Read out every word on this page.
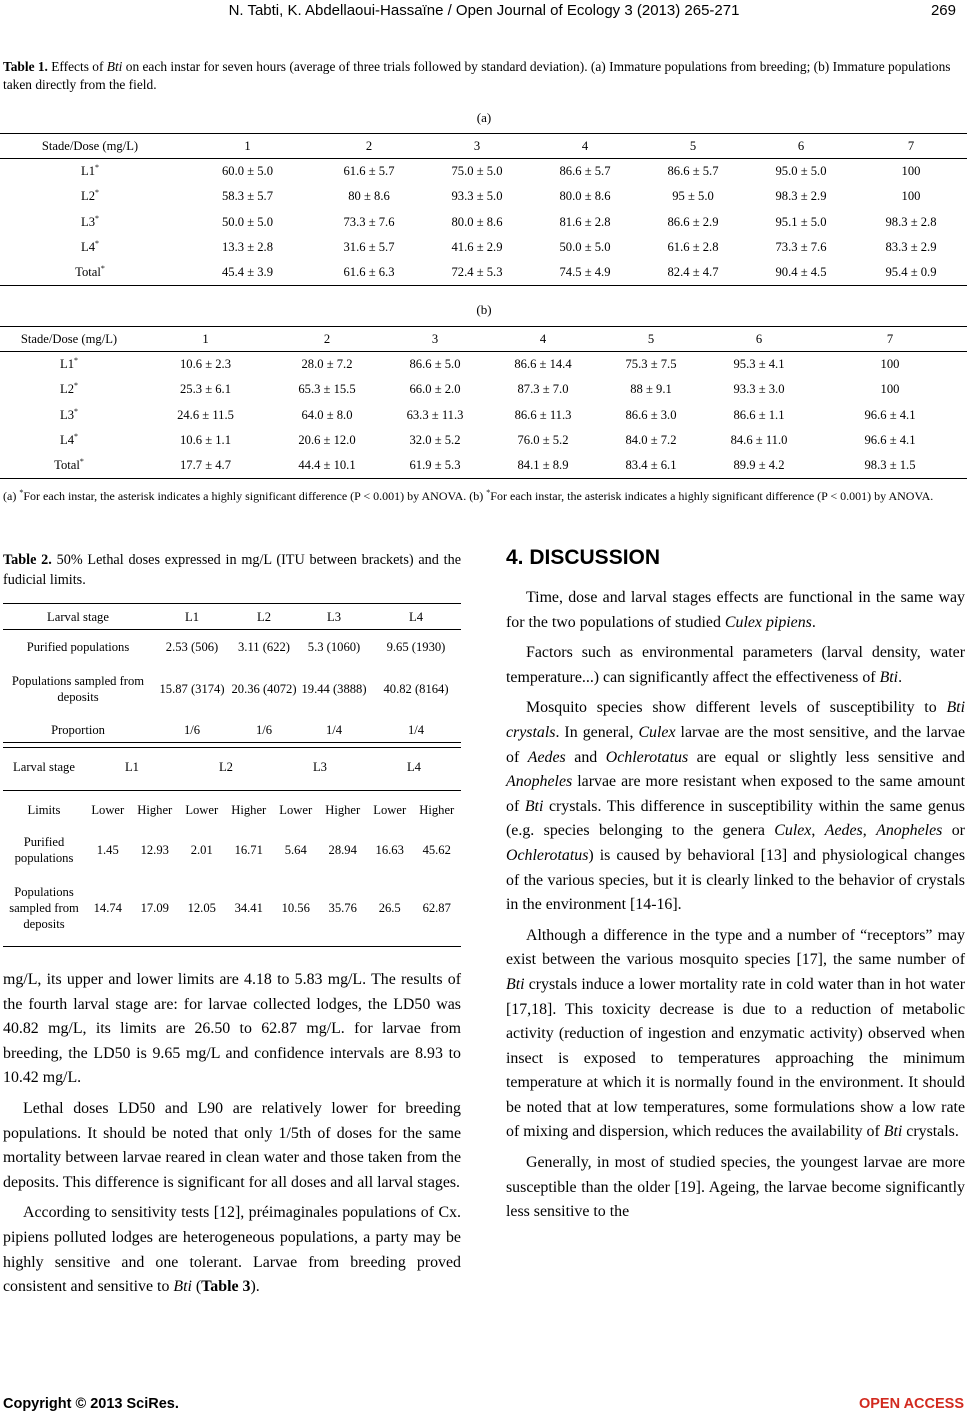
N. Tabti, K. Abdellaoui-Hassaïne / Open Journal of Ecology 3 (2013) 265-271	269
Table 1. Effects of Bti on each instar for seven hours (average of three trials followed by standard deviation). (a) Immature populations from breeding; (b) Immature populations taken directly from the field.
(a)
Stade/Dose (mg/L)	1	2	3	4	5	6	7
L1*	60.0 ± 5.0	61.6 ± 5.7	75.0 ± 5.0	86.6 ± 5.7	86.6 ± 5.7	95.0 ± 5.0	100
L2*	58.3 ± 5.7	80 ± 8.6	93.3 ± 5.0	80.0 ± 8.6	95 ± 5.0	98.3 ± 2.9	100
L3*	50.0 ± 5.0	73.3 ± 7.6	80.0 ± 8.6	81.6 ± 2.8	86.6 ± 2.9	95.1 ± 5.0	98.3 ± 2.8
L4*	13.3 ± 2.8	31.6 ± 5.7	41.6 ± 2.9	50.0 ± 5.0	61.6 ± 2.8	73.3 ± 7.6	83.3 ± 2.9
Total*	45.4 ± 3.9	61.6 ± 6.3	72.4 ± 5.3	74.5 ± 4.9	82.4 ± 4.7	90.4 ± 4.5	95.4 ± 0.9
(b)
Stade/Dose (mg/L)	1	2	3	4	5	6	7
L1*	10.6 ± 2.3	28.0 ± 7.2	86.6 ± 5.0	86.6 ± 14.4	75.3 ± 7.5	95.3 ± 4.1	100
L2*	25.3 ± 6.1	65.3 ± 15.5	66.0 ± 2.0	87.3 ± 7.0	88 ± 9.1	93.3 ± 3.0	100
L3*	24.6 ± 11.5	64.0 ± 8.0	63.3 ± 11.3	86.6 ± 11.3	86.6 ± 3.0	86.6 ± 1.1	96.6 ± 4.1
L4*	10.6 ± 1.1	20.6 ± 12.0	32.0 ± 5.2	76.0 ± 5.2	84.0 ± 7.2	84.6 ± 11.0	96.6 ± 4.1
Total*	17.7 ± 4.7	44.4 ± 10.1	61.9 ± 5.3	84.1 ± 8.9	83.4 ± 6.1	89.9 ± 4.2	98.3 ± 1.5
(a) *For each instar, the asterisk indicates a highly significant difference (P < 0.001) by ANOVA. (b) *For each instar, the asterisk indicates a highly significant difference (P < 0.001) by ANOVA.
Table 2. 50% Lethal doses expressed in mg/L (ITU between brackets) and the fudicial limits.
Larval stage	L1	L2	L3	L4
Purified populations	2.53 (506)	3.11 (622)	5.3 (1060)	9.65 (1930)
Populations sampled from deposits	15.87 (3174)	20.36 (4072)	19.44 (3888)	40.82 (8164)
Proportion	1/6	1/6	1/4	1/4
Larval stage	L1		L2		L3		L4	
Limits	Lower	Higher	Lower	Higher	Lower	Higher	Lower	Higher
Purified populations	1.45	12.93	2.01	16.71	5.64	28.94	16.63	45.62
Populations sampled from deposits	14.74	17.09	12.05	34.41	10.56	35.76	26.5	62.87

mg/L, its upper and lower limits are 4.18 to 5.83 mg/L. The results of the fourth larval stage are: for larvae collected lodges, the LD50 was 40.82 mg/L, its limits are 26.50 to 62.87 mg/L. for larvae from breeding, the LD50 is 9.65 mg/L and confidence intervals are 8.93 to 10.42 mg/L.

Lethal doses LD50 and L90 are relatively lower for breeding populations. It should be noted that only 1/5th of doses for the same mortality between larvae reared in clean water and those taken from the deposits. This difference is significant for all doses and all larval stages.

According to sensitivity tests [12], préimaginales populations of Cx. pipiens polluted lodges are heterogeneous populations, a party may be highly sensitive and one tolerant. Larvae from breeding proved consistent and sensitive to Bti (Table 3).

4. DISCUSSION

Time, dose and larval stages effects are functional in the same way for the two populations of studied Culex pipiens.

Factors such as environmental parameters (larval density, water temperature...) can significantly affect the effectiveness of Bti.

Mosquito species show different levels of susceptibility to Bti crystals. In general, Culex larvae are the most sensitive, and the larvae of Aedes and Ochlerotatus are equal or slightly less sensitive and Anopheles larvae are more resistant when exposed to the same amount of Bti crystals. This difference in susceptibility within the same genus (e.g. species belonging to the genera Culex, Aedes, Anopheles or Ochlerotatus) is caused by behavioral [13] and physiological changes of the various species, but it is clearly linked to the behavior of crystals in the environment [14-16].

Although a difference in the type and a number of “receptors” may exist between the various mosquito species [17], the same number of Bti crystals induce a lower mortality rate in cold water than in hot water [17,18]. This toxicity decrease is due to a reduction of metabolic activity (reduction of ingestion and enzymatic activity) observed when insect is exposed to temperatures approaching the minimum temperature at which it is normally found in the environment. It should be noted that at low temperatures, some formulations show a low rate of mixing and dispersion, which reduces the availability of Bti crystals.

Generally, in most of studied species, the youngest larvae are more susceptible than the older [19]. Ageing, the larvae become significantly less sensitive to the

Copyright © 2013 SciRes.	OPEN ACCESS
